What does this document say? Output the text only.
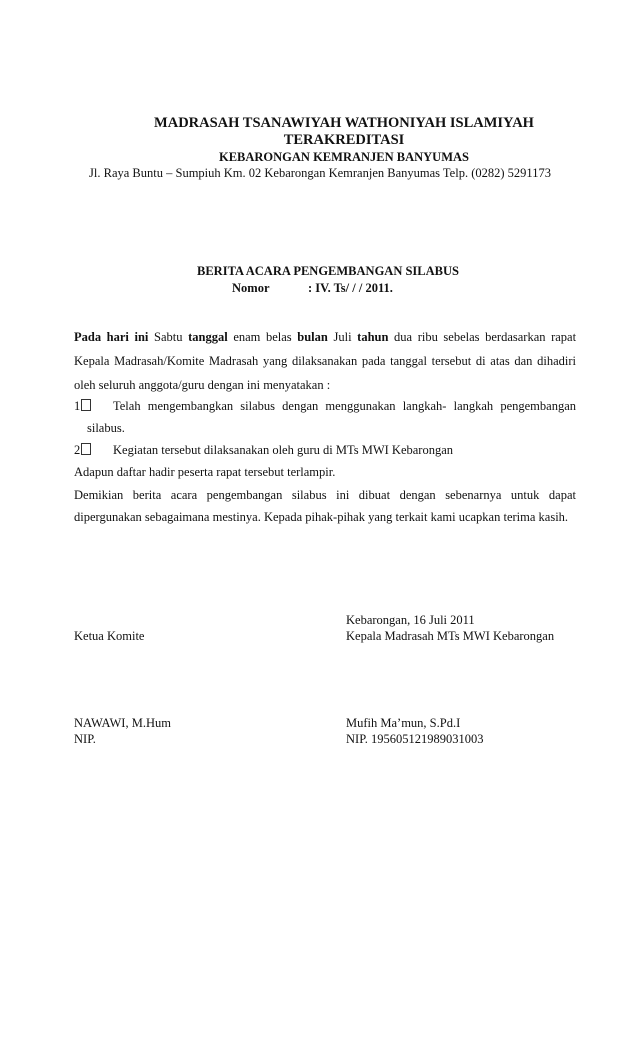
MADRASAH TSANAWIYAH WATHONIYAH ISLAMIYAH
TERAKREDITASI
KEBARONGAN KEMRANJEN BANYUMAS
Jl. Raya Buntu – Sumpiuh Km. 02 Kebarongan Kemranjen Banyumas Telp. (0282) 5291173
BERITA ACARA PENGEMBANGAN SILABUS
Nomor	: IV. Ts/ / / 2011.
Pada hari ini Sabtu tanggal enam belas bulan Juli tahun dua ribu sebelas berdasarkan rapat
Kepala Madrasah/Komite Madrasah yang dilaksanakan pada tanggal tersebut di atas dan dihadiri
oleh seluruh anggota/guru dengan ini menyatakan :
1	Telah mengembangkan silabus dengan menggunakan langkah- langkah pengembangan
silabus.
2	Kegiatan tersebut dilaksanakan oleh guru di MTs MWI Kebarongan
Adapun daftar hadir peserta rapat tersebut terlampir.
Demikian berita acara pengembangan silabus ini dibuat dengan sebenarnya untuk dapat
dipergunakan sebagaimana mestinya. Kepada pihak-pihak yang terkait kami ucapkan terima kasih.
Kebarongan, 16 Juli 2011
Ketua Komite	Kepala Madrasah MTs MWI Kebarongan
NAWAWI, M.Hum
NIP.
Mufih Ma’mun, S.Pd.I
NIP. 195605121989031003
